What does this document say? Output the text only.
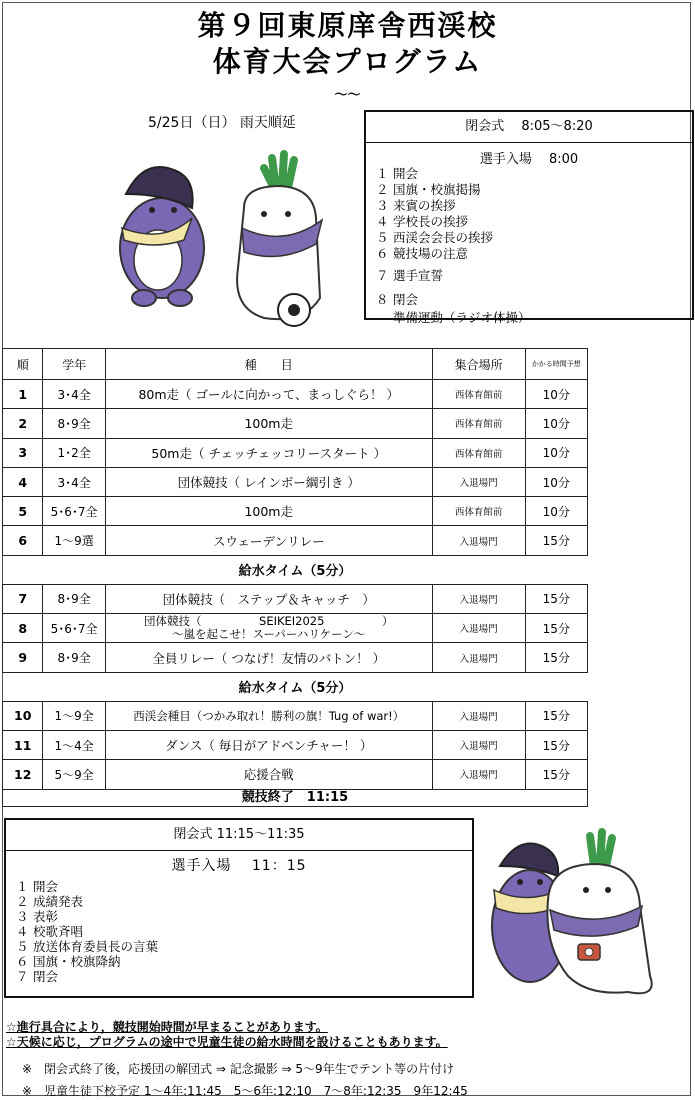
第９回東原庠舎西渓校
体育大会プログラム
〜〜
5/25日（日） 雨天順延	閉会式　 8:05〜8:20
選手入場　 8:00
１ 開会
２ 国旗・校旗掲揚
３ 来賓の挨拶
４ 学校長の挨拶
５ 西渓会会長の挨拶
６ 競技場の注意
７ 選手宣誓
８ 閉会
準備運動（ラジオ体操）
順	学年	種　　目	集合場所	かかる時間予想
1	3･4全	80m走（ ゴールに向かって、まっしぐら！ ）	西体育館前	10分
2	8･9全	100m走	西体育館前	10分
3	1･2全	50m走（ チェッチェッコリースタート ）	西体育館前	10分
4	3･4全	団体競技（ レインボー綱引き ）	入退場門	10分
5	5･6･7全	100m走	西体育館前	10分
6	1〜9選	スウェーデンリレー	入退場門	15分
給水タイム（5分）				
7	8･9全	団体競技（　ステップ＆キャッチ　）	入退場門	15分
8	5･6･7全	団体競技（　　　　　SEIKEI2025　　　　　）
〜嵐を起こせ！スーパーハリケーン〜	入退場門	15分
9	8･9全	全員リレー（ つなげ！友情のバトン！ ）	入退場門	15分
給水タイム（5分）				
10	1〜9全	西渓会種目（つかみ取れ！勝利の旗！Tug of war!）	入退場門	15分
11	1〜4全	ダンス（ 毎日がアドベンチャー！ ）	入退場門	15分
12	5〜9全	応援合戦	入退場門	15分
競技終了　11:15				
閉会式 11:15〜11:35
選手入場　 11：15
１ 開会
２ 成績発表
３ 表彰
４ 校歌斉唱
５ 放送体育委員長の言葉
６ 国旗・校旗降納
７ 閉会
☆進行具合により，競技開始時間が早まることがあります。
☆天候に応じ，プログラムの途中で児童生徒の給水時間を設けることもあります。
※　閉会式終了後，応援団の解団式 ⇒ 記念撮影 ⇒ 5〜9年生でテント等の片付け
※　児童生徒下校予定 1〜4年:11:45　5〜6年:12:10　7〜8年:12:35　9年12:45
